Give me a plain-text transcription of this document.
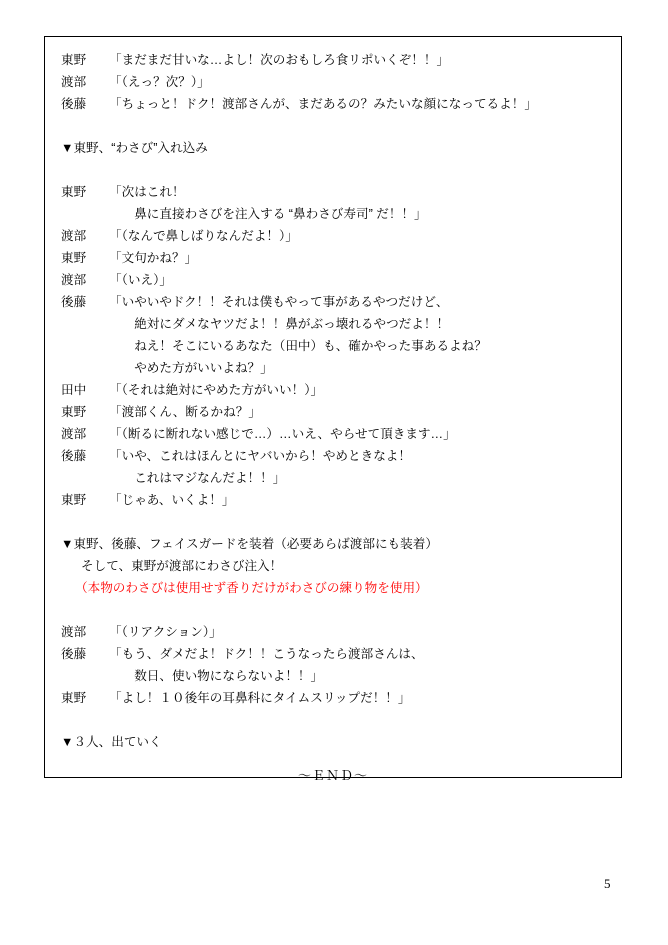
東野	「まだまだ甘いな…よし！次のおもしろ食リポいくぞ！！」
渡部	「（えっ？次？）」
後藤	「ちょっと！ドク！渡部さんが、まだあるの？みたいな顔になってるよ！」
▼東野、“わさび”入れ込み
東野	「次はこれ！
　　鼻に直接わさびを注入する “鼻わさび寿司” だ！！」
渡部	「（なんで鼻しばりなんだよ！）」
東野	「文句かね？」
渡部	「（いえ）」
後藤	「いやいやドク！！それは僕もやって事があるやつだけど、
　　絶対にダメなヤツだよ！！鼻がぶっ壊れるやつだよ！！
　　ねえ！そこにいるあなた（田中）も、確かやった事あるよね？
　　やめた方がいいよね？」
田中	「（それは絶対にやめた方がいい！）」
東野	「渡部くん、断るかね？」
渡部	「（断るに断れない感じで…）…いえ、やらせて頂きます…」
後藤	「いや、これはほんとにヤバいから！やめときなよ！
　　これはマジなんだよ！！」
東野	「じゃあ、いくよ！」
▼東野、後藤、フェイスガードを装着（必要あらば渡部にも装着）
そして、東野が渡部にわさび注入！
（本物のわさびは使用せず香りだけがわさびの練り物を使用）
渡部	「（リアクション）」
後藤	「もう、ダメだよ！ドク！！こうなったら渡部さんは、
　　数日、使い物にならないよ！！」
東野	「よし！１０後年の耳鼻科にタイムスリップだ！！」
▼３人、出ていく
〜ＥＮＤ〜
5
